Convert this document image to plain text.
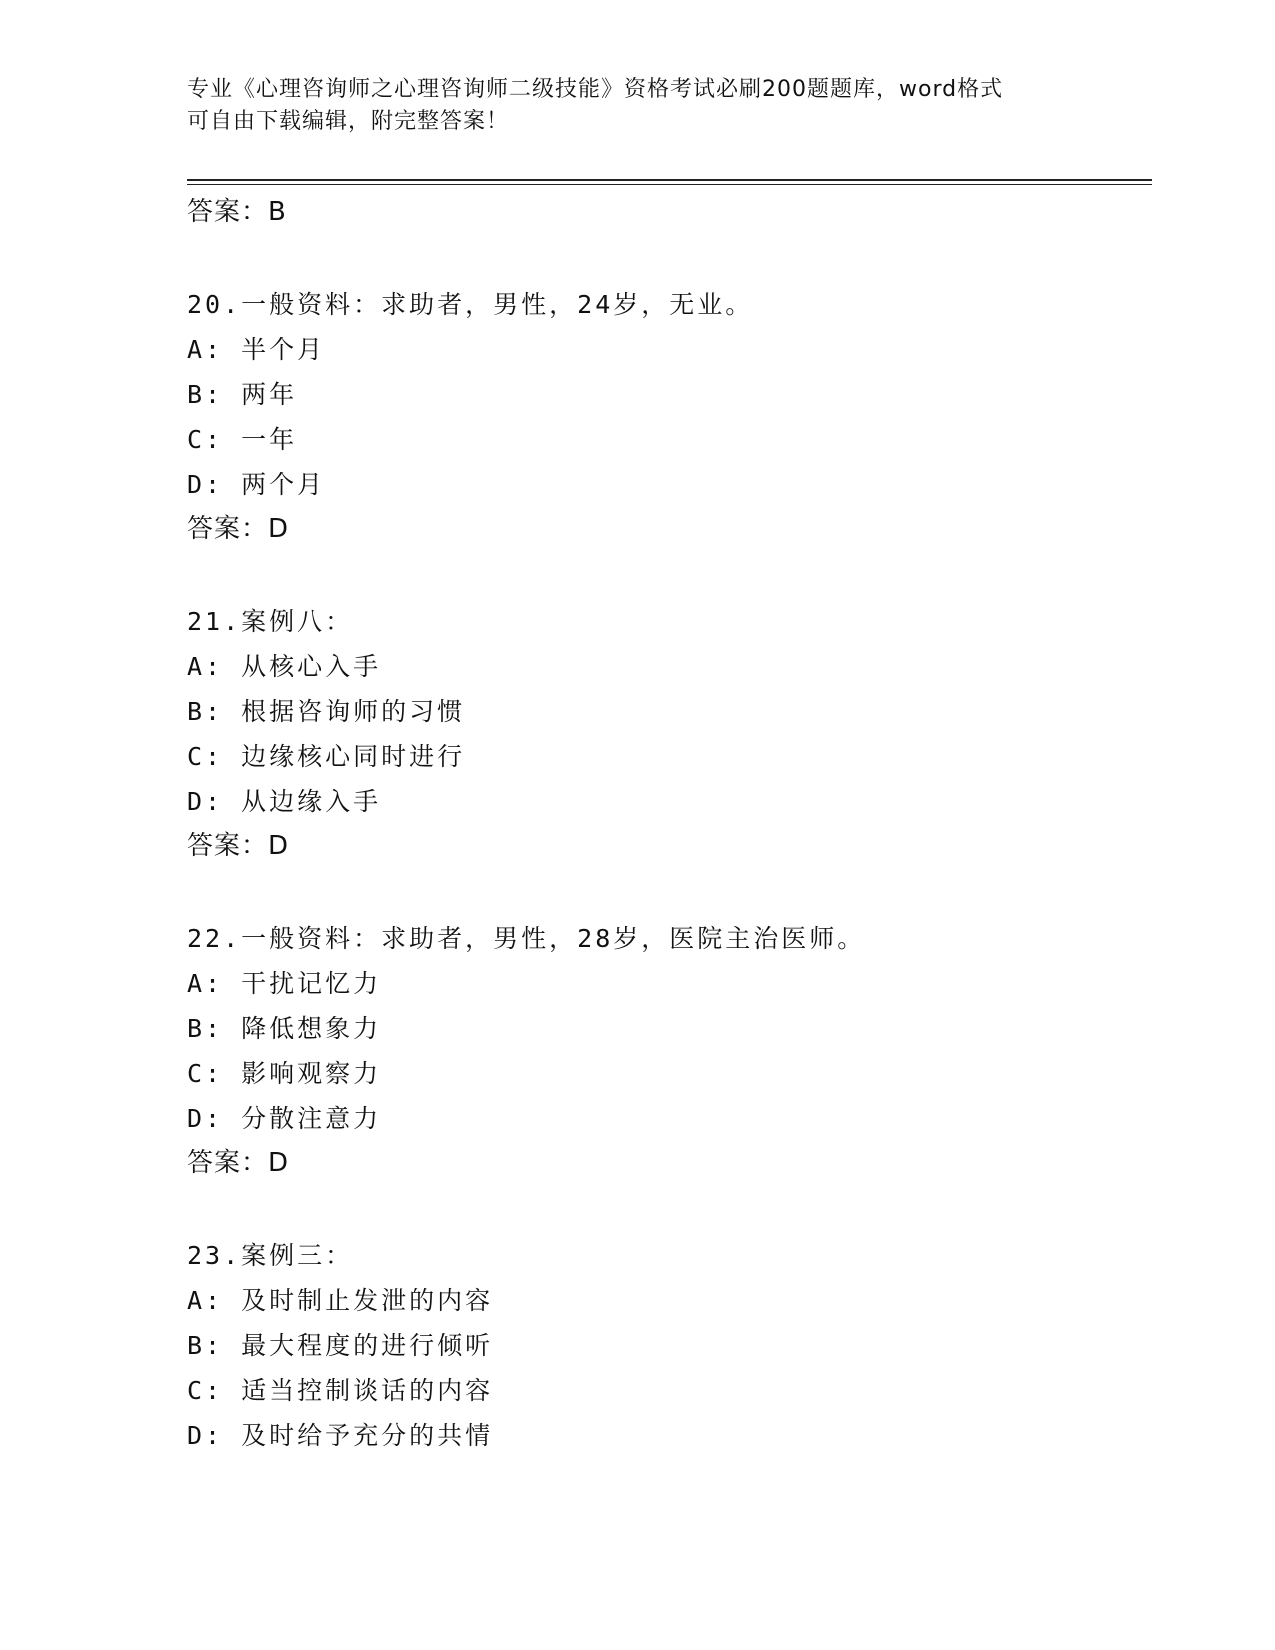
专业《心理咨询师之心理咨询师二级技能》资格考试必刷200题题库，word格式

可自由下载编辑，附完整答案！

答案：B
20.一般资料：求助者，男性，24岁，无业。
A: 半个月
B: 两年
C: 一年
D: 两个月
答案：D
21.案例八：
A: 从核心入手
B: 根据咨询师的习惯
C: 边缘核心同时进行
D: 从边缘入手
答案：D
22.一般资料：求助者，男性，28岁，医院主治医师。
A: 干扰记忆力
B: 降低想象力
C: 影响观察力
D: 分散注意力
答案：D
23.案例三：
A: 及时制止发泄的内容
B: 最大程度的进行倾听
C: 适当控制谈话的内容
D: 及时给予充分的共情
